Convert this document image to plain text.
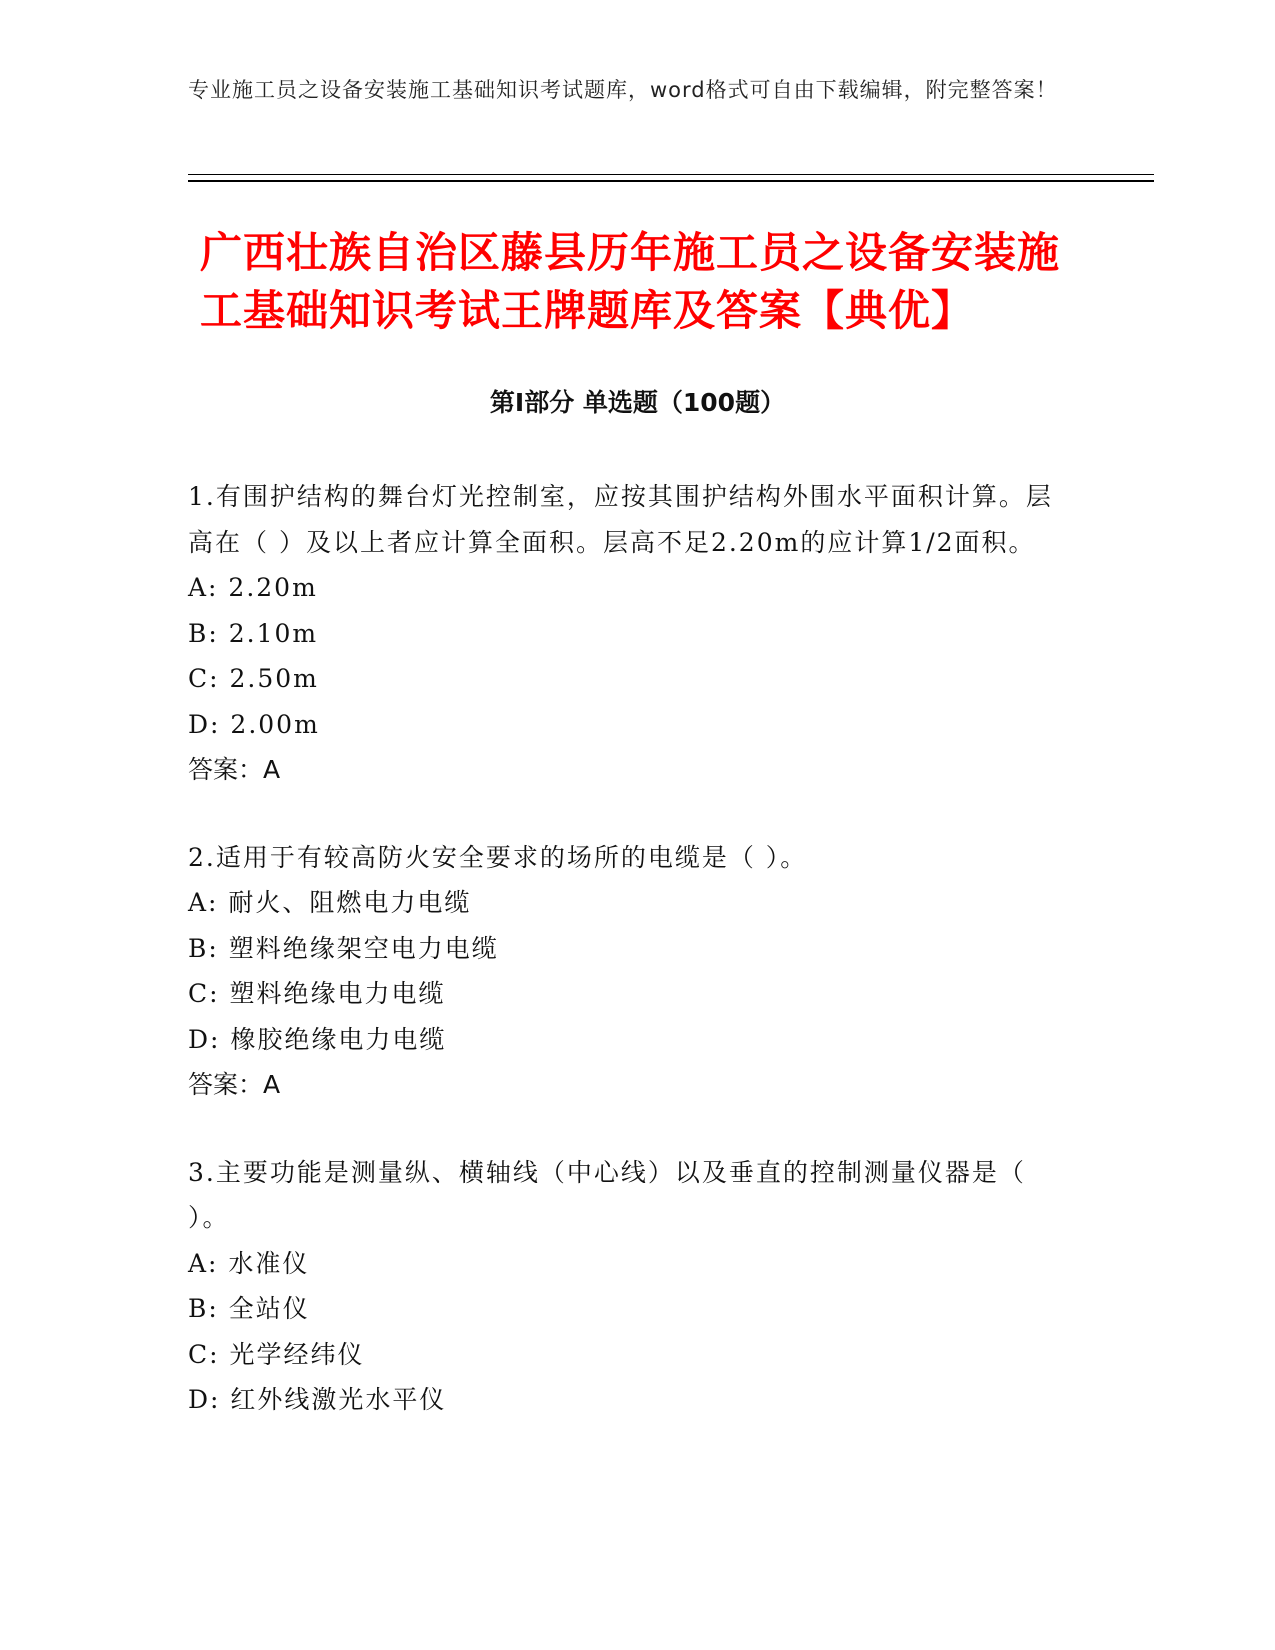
专业施工员之设备安装施工基础知识考试题库，word格式可自由下载编辑，附完整答案！

广西壮族自治区藤县历年施工员之设备安装施工基础知识考试王牌题库及答案【典优】
第Ⅰ部分 单选题（100题）

1.有围护结构的舞台灯光控制室，应按其围护结构外围水平面积计算。层高在（ ）及以上者应计算全面积。层高不足2.20m的应计算1/2面积。

A: 2.20m
B: 2.10m
C: 2.50m
D: 2.00m

答案：A

2.适用于有较高防火安全要求的场所的电缆是（ ）。

A: 耐火、阻燃电力电缆
B: 塑料绝缘架空电力电缆
C: 塑料绝缘电力电缆
D: 橡胶绝缘电力电缆

答案：A

3.主要功能是测量纵、横轴线（中心线）以及垂直的控制测量仪器是（ ）。

A: 水准仪
B: 全站仪
C: 光学经纬仪
D: 红外线激光水平仪
